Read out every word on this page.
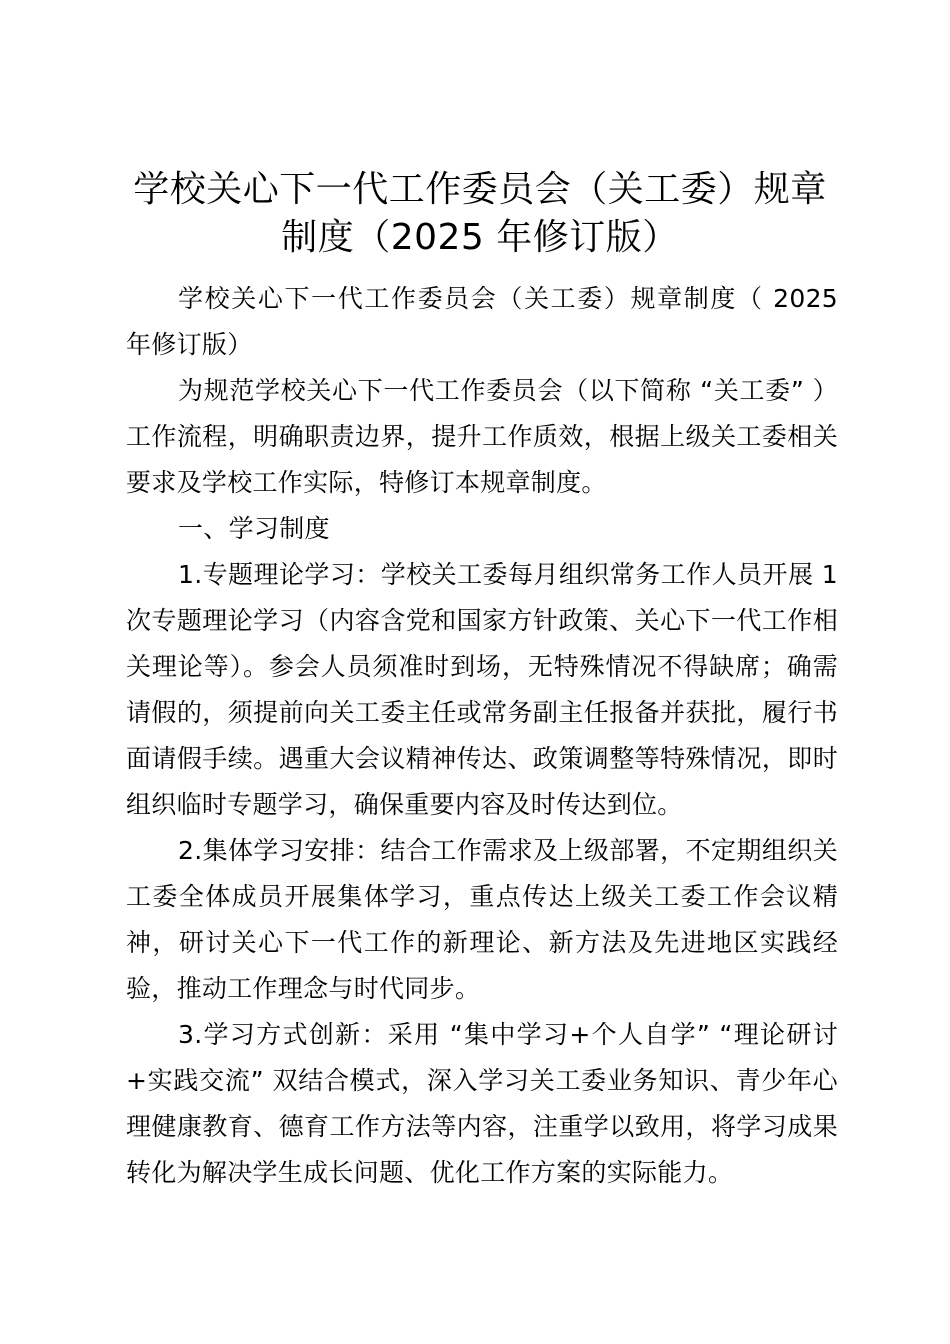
学校关心下一代工作委员会（关工委）规章制度（2025 年修订版）

学校关心下一代工作委员会（关工委）规章制度（ 2025 年修订版）

为规范学校关心下一代工作委员会（以下简称 “关工委” ）工作流程，明确职责边界，提升工作质效，根据上级关工委相关要求及学校工作实际，特修订本规章制度。

一、学习制度

1.专题理论学习：学校关工委每月组织常务工作人员开展 1 次专题理论学习（内容含党和国家方针政策、关心下一代工作相关理论等）。参会人员须准时到场，无特殊情况不得缺席；确需请假的，须提前向关工委主任或常务副主任报备并获批，履行书面请假手续。遇重大会议精神传达、政策调整等特殊情况，即时组织临时专题学习，确保重要内容及时传达到位。

2.集体学习安排：结合工作需求及上级部署，不定期组织关工委全体成员开展集体学习，重点传达上级关工委工作会议精神，研讨关心下一代工作的新理论、新方法及先进地区实践经验，推动工作理念与时代同步。

3.学习方式创新：采用 “集中学习+个人自学” “理论研讨+实践交流” 双结合模式，深入学习关工委业务知识、青少年心理健康教育、德育工作方法等内容，注重学以致用，将学习成果转化为解决学生成长问题、优化工作方案的实际能力。
